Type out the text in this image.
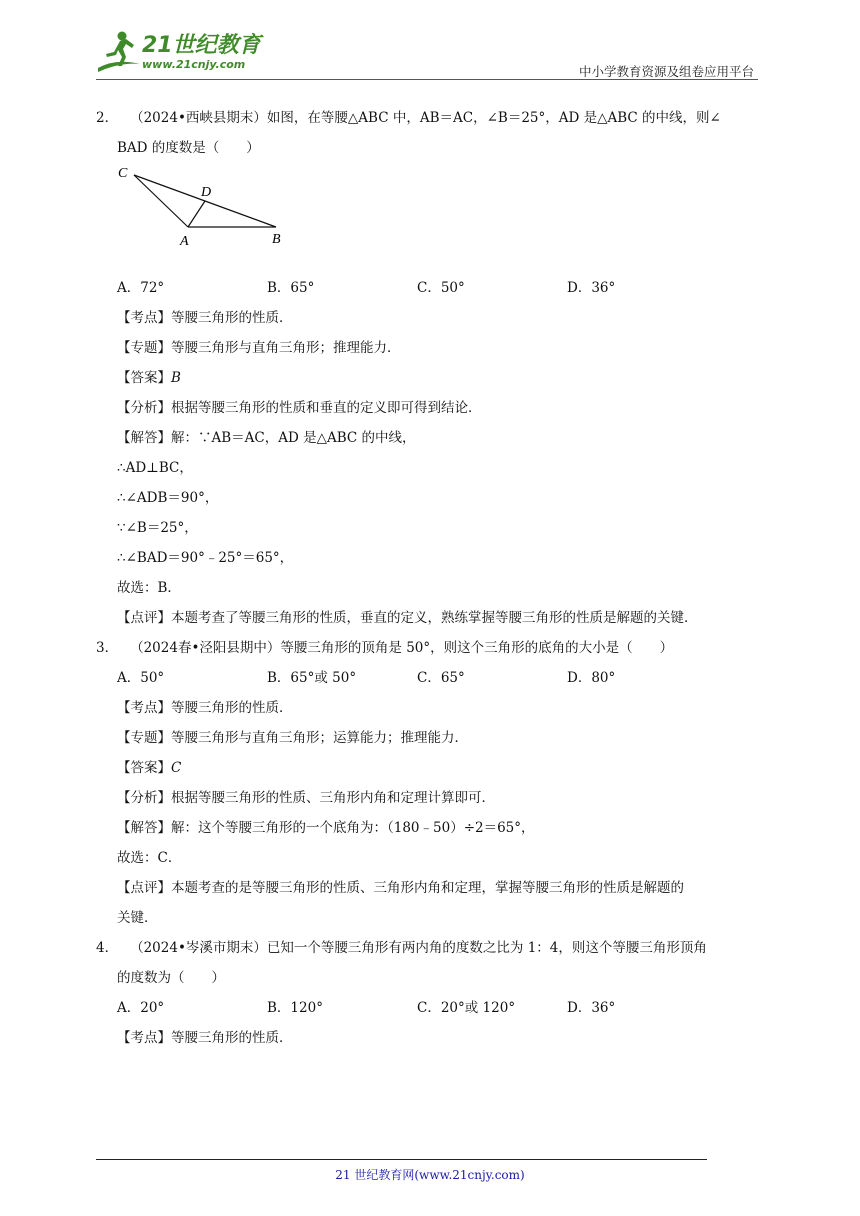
21世纪教育
www.21cnjy.com	中小学教育资源及组卷应用平台
2． （2024•西峡县期末）如图，在等腰△ABC 中，AB＝AC，∠B＝25°，AD 是△ABC 的中线，则∠
BAD 的度数是（　　）
C
D
A	B
A．72°	B．65°	C．50°	D．36°
【考点】等腰三角形的性质．
【专题】等腰三角形与直角三角形；推理能力．
【答案】B
【分析】根据等腰三角形的性质和垂直的定义即可得到结论．
【解答】解：∵AB＝AC，AD 是△ABC 的中线，
∴AD⊥BC，
∴∠ADB＝90°，
∵∠B＝25°，
∴∠BAD＝90°﹣25°＝65°，
故选：B．
【点评】本题考查了等腰三角形的性质，垂直的定义，熟练掌握等腰三角形的性质是解题的关键．
3． （2024春•泾阳县期中）等腰三角形的顶角是 50°，则这个三角形的底角的大小是（　　）
A．50°	B．65°或 50°	C．65°	D．80°
【考点】等腰三角形的性质．
【专题】等腰三角形与直角三角形；运算能力；推理能力．
【答案】C
【分析】根据等腰三角形的性质、三角形内角和定理计算即可．
【解答】解：这个等腰三角形的一个底角为：（180﹣50）÷2＝65°，
故选：C．
【点评】本题考查的是等腰三角形的性质、三角形内角和定理，掌握等腰三角形的性质是解题的
关键．
4． （2024•岑溪市期末）已知一个等腰三角形有两内角的度数之比为 1：4，则这个等腰三角形顶角
的度数为（　　）
A．20°	B．120°	C．20°或 120°	D．36°
【考点】等腰三角形的性质．
21 世纪教育网(www.21cnjy.com)
